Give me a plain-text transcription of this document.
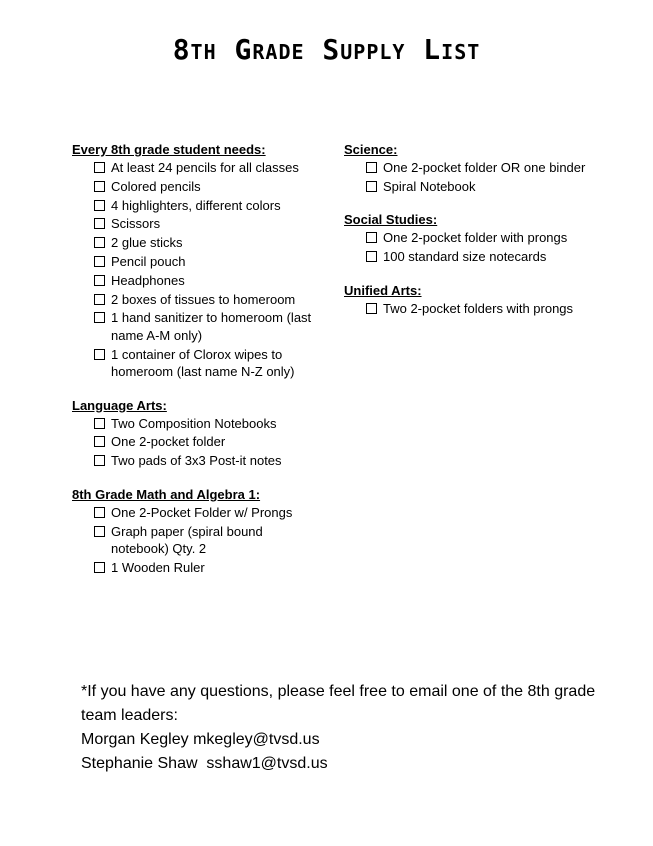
8th Grade Supply List
Every 8th grade student needs:
At least 24 pencils for all classes
Colored pencils
4 highlighters, different colors
Scissors
2 glue sticks
Pencil pouch
Headphones
2 boxes of tissues to homeroom
1 hand sanitizer to homeroom (last name A-M only)
1 container of Clorox wipes to homeroom (last name N-Z only)
Language Arts:
Two Composition Notebooks
One 2-pocket folder
Two pads of 3x3 Post-it notes
8th Grade Math and Algebra 1:
One 2-Pocket Folder w/ Prongs
Graph paper (spiral bound notebook) Qty. 2
1 Wooden Ruler
Science:
One 2-pocket folder OR one binder
Spiral Notebook
Social Studies:
One 2-pocket folder with prongs
100 standard size notecards
Unified Arts:
Two 2-pocket folders with prongs
*If you have any questions, please feel free to email one of the 8th grade team leaders:
Morgan Kegley mkegley@tvsd.us
Stephanie Shaw  sshaw1@tvsd.us
